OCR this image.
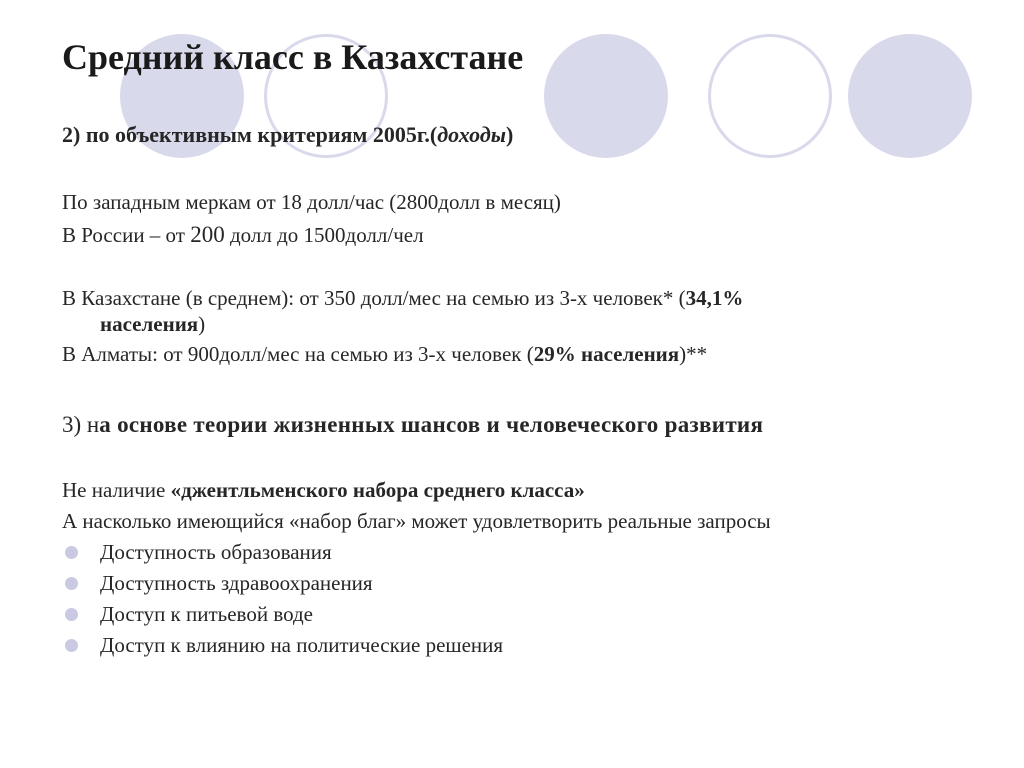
Средний класс в Казахстане

2) по объективным критериям 2005г.(доходы)

По западным меркам от 18 долл/час (2800долл в месяц)

В России – от 200 долл до 1500долл/чел

В Казахстане (в среднем): от 350 долл/мес на семью из 3-х человек* (34,1%
населения)

В Алматы: от 900долл/мес на семью из 3-х человек (29% населения)**

3) на основе теории жизненных шансов и человеческого развития

Не наличие «джентльменского набора среднего класса»

А насколько имеющийся «набор благ» может удовлетворить реальные запросы

Доступность образования
Доступность здравоохранения
Доступ к питьевой воде
Доступ к влиянию на политические решения
